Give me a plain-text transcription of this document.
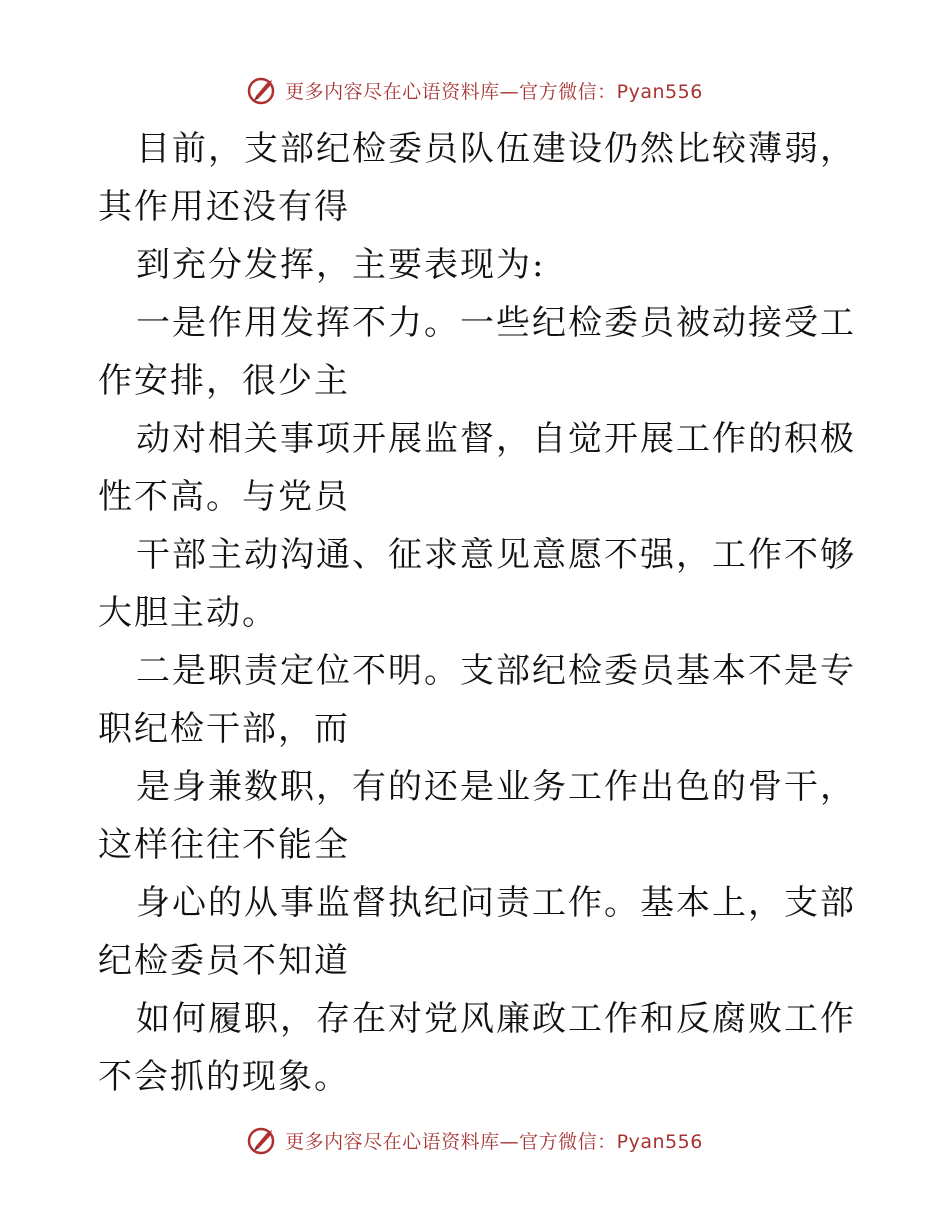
更多内容尽在心语资料库—官方微信：Pyan556

目前，支部纪检委员队伍建设仍然比较薄弱，其作用还没有得

到充分发挥，主要表现为:

一是作用发挥不力。一些纪检委员被动接受工作安排，很少主

动对相关事项开展监督，自觉开展工作的积极性不高。与党员

干部主动沟通、征求意见意愿不强，工作不够大胆主动。

二是职责定位不明。支部纪检委员基本不是专职纪检干部，而

是身兼数职，有的还是业务工作出色的骨干，这样往往不能全

身心的从事监督执纪问责工作。基本上，支部纪检委员不知道

如何履职，存在对党风廉政工作和反腐败工作不会抓的现象。

更多内容尽在心语资料库—官方微信：Pyan556
